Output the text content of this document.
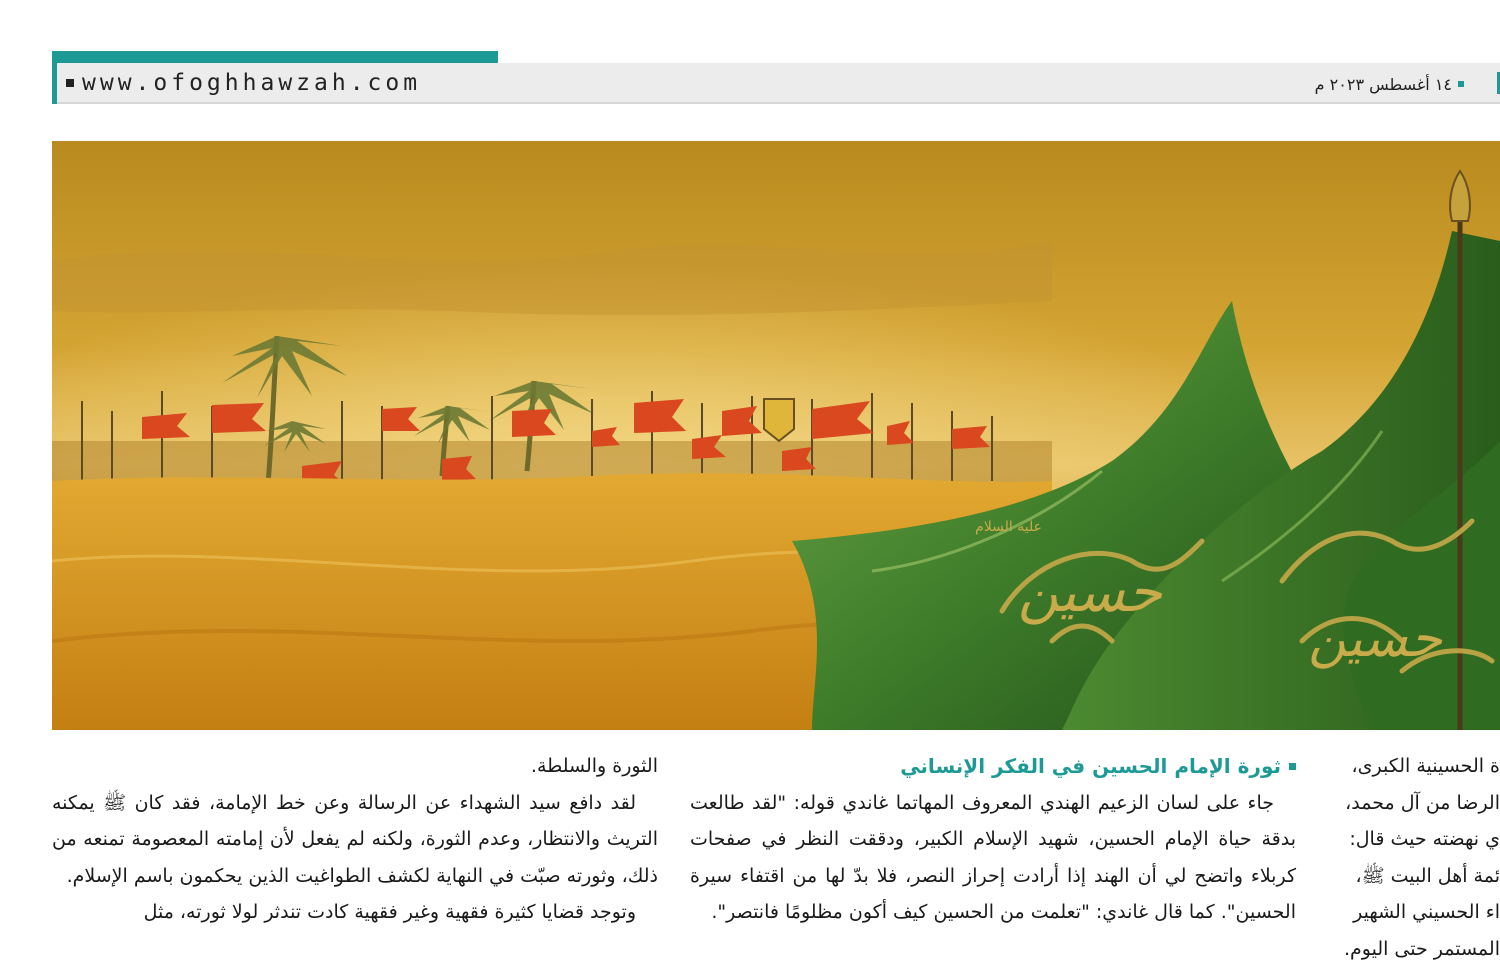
www.ofoghhawzah.com	١٤ أغسطس ٢٠٢٣ م
حسين
حسين
عليه السلام

الثورة والسلطة.

لقد دافع سيد الشهداء عن الرسالة وعن خط الإمامة، فقد كان ﷺ يمكنه التريث والانتظار، وعدم الثورة، ولكنه لم يفعل لأن إمامته المعصومة تمنعه من ذلك، وثورته صبّت في النهاية لكشف الطواغيت الذين يحكمون باسم الإسلام.

وتوجد قضايا كثيرة فقهية وغير فقهية كادت تندثر لولا ثورته، مثل

ثورة الإمام الحسين في الفكر الإنساني

جاء على لسان الزعيم الهندي المعروف المهاتما غاندي قوله: "لقد طالعت بدقة حياة الإمام الحسين، شهيد الإسلام الكبير، ودققت النظر في صفحات كربلاء واتضح لي أن الهند إذا أرادت إحراز النصر، فلا بدّ لها من اقتفاء سيرة الحسين". كما قال غاندي: "تعلمت من الحسين كيف أكون مظلومًا فانتصر".

ة الحسينية الكبرى،

الرضا من آل محمد،

ي نهضته حيث قال:

ئمة أهل البيت ﷺ،

اء الحسيني الشهير

المستمر حتى اليوم.
